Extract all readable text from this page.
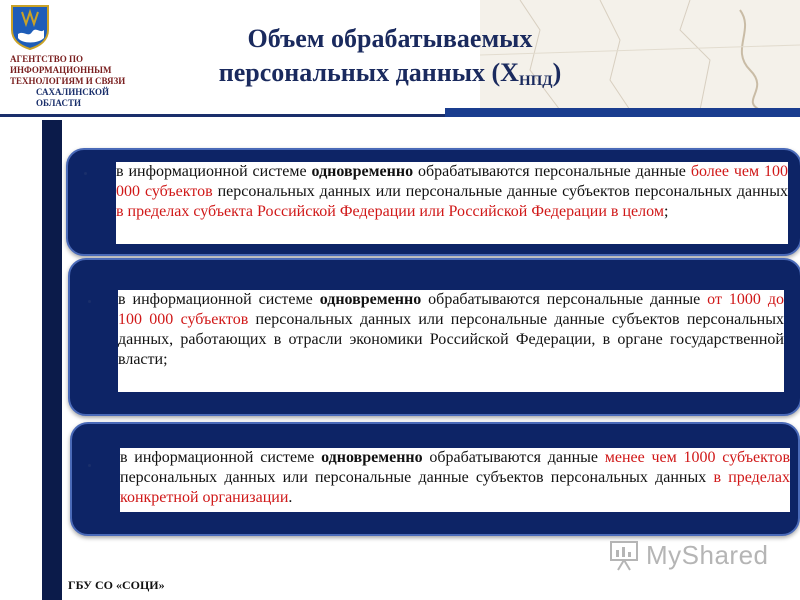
АГЕНТСТВО ПО
ИНФОРМАЦИОННЫМ
ТЕХНОЛОГИЯМ И СВЯЗИ
САХАЛИНСКОЙ
ОБЛАСТИ
Объем обрабатываемых
персональных данных $(Х_{НПД})$
в информационной системе одновременно обрабатываются персональные данные более чем 100 000 субъектов персональных данных или персональные данные субъектов персональных данных в пределах субъекта Российской Федерации или Российской Федерации в целом;
в информационной системе одновременно обрабатываются персональные данные от 1000 до 100 000 субъектов персональных данных или персональные данные субъектов персональных данных, работающих в отрасли экономики Российской Федерации, в органе государственной власти;
в информационной системе одновременно обрабатываются данные менее чем 1000 субъектов персональных данных или персональные данные субъектов персональных данных в пределах конкретной организации.
MyShared
ГБУ СО «СОЦИ»
